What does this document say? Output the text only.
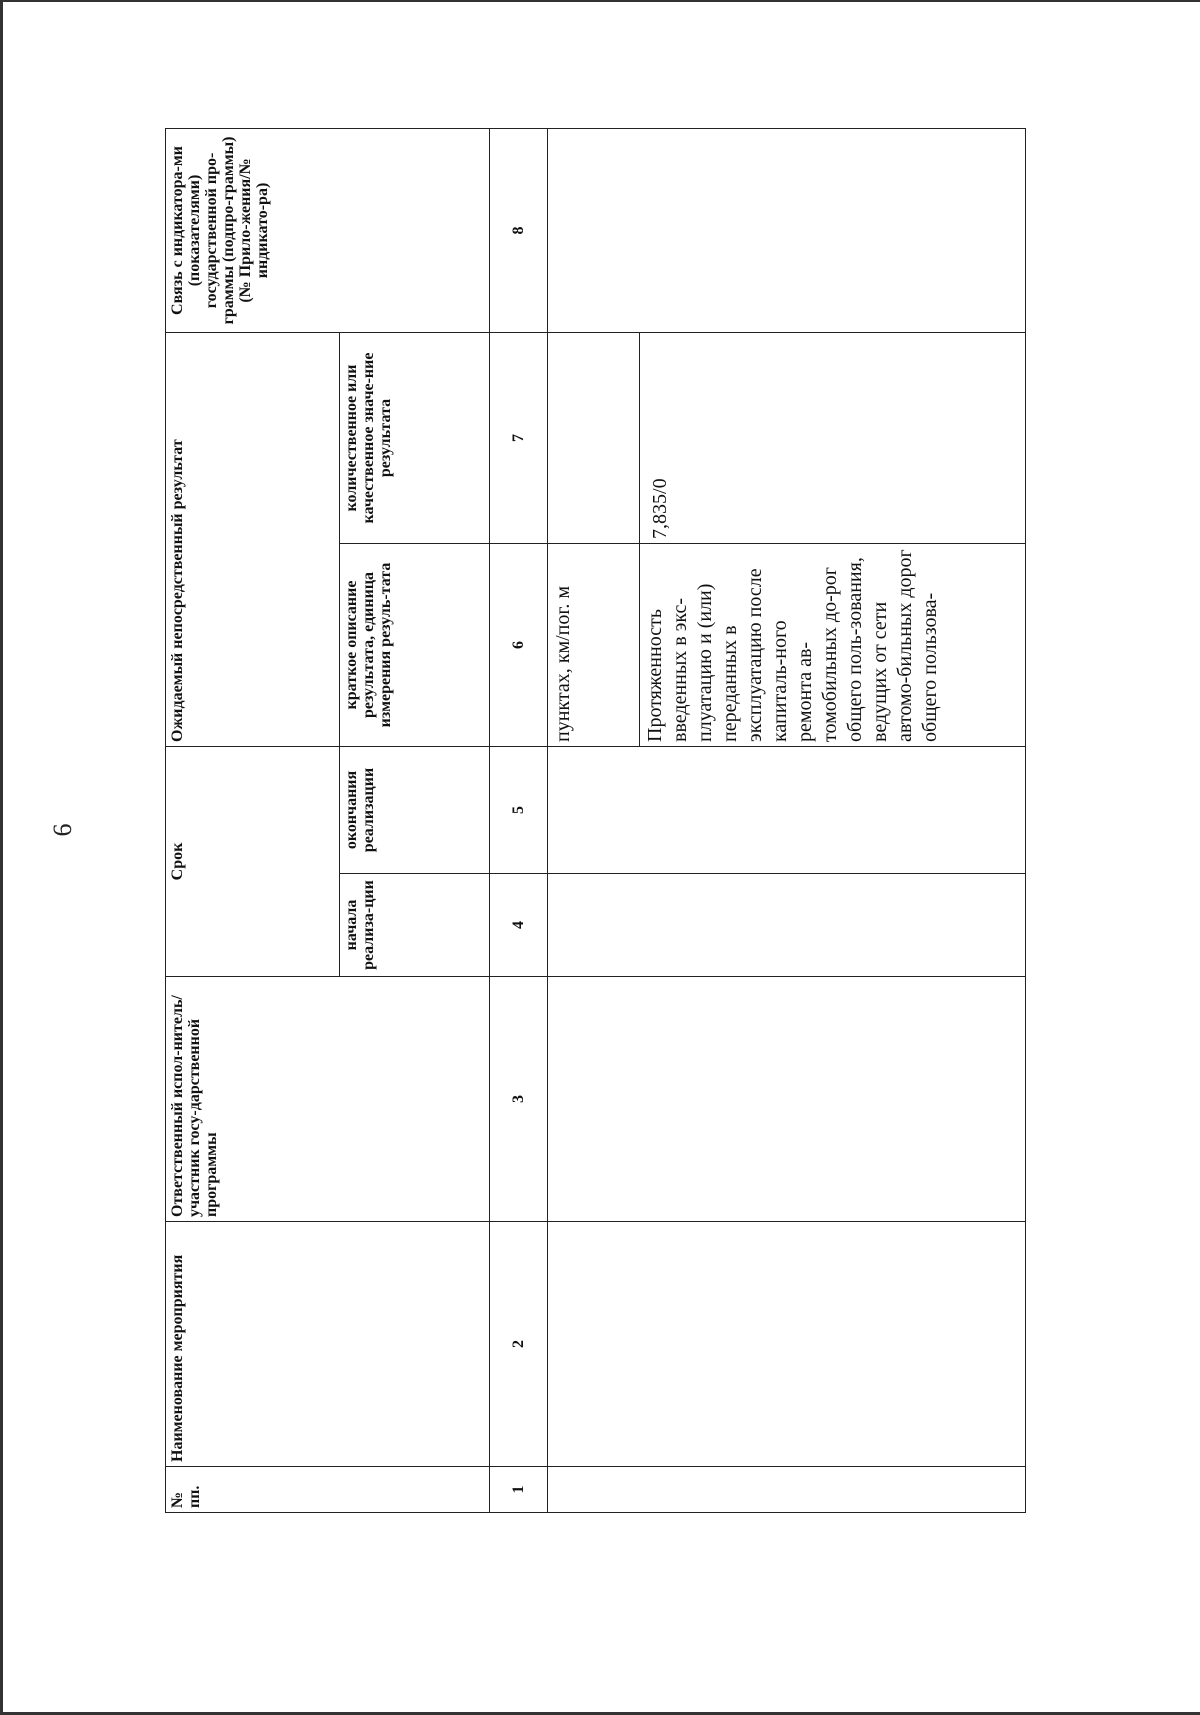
6
№ пп.	Наименование мероприятия	Ответственный испол-нитель/участник госу-дарственной программы	Срок		Ожидаемый непосредственный результат		Связь с индикатора-ми (показателями) государственной про-граммы (подпро-граммы) (№ Прило-жения/№ индикато-ра)
			начала реализа-ции	окончания реализации	краткое описание результата, единица измерения резуль-тата	количественное или качественное значе-ние результата	
1	2	3	4	5	6	7	8
					пунктах, км/пог. м		
					Протяженность введенных в экс-плуатацию и (или) переданных в эксплуатацию после капиталь-ного ремонта ав-томобильных до-рог общего поль-зования, ведущих от сети автомо-бильных дорог общего пользова-	7,835/0	
